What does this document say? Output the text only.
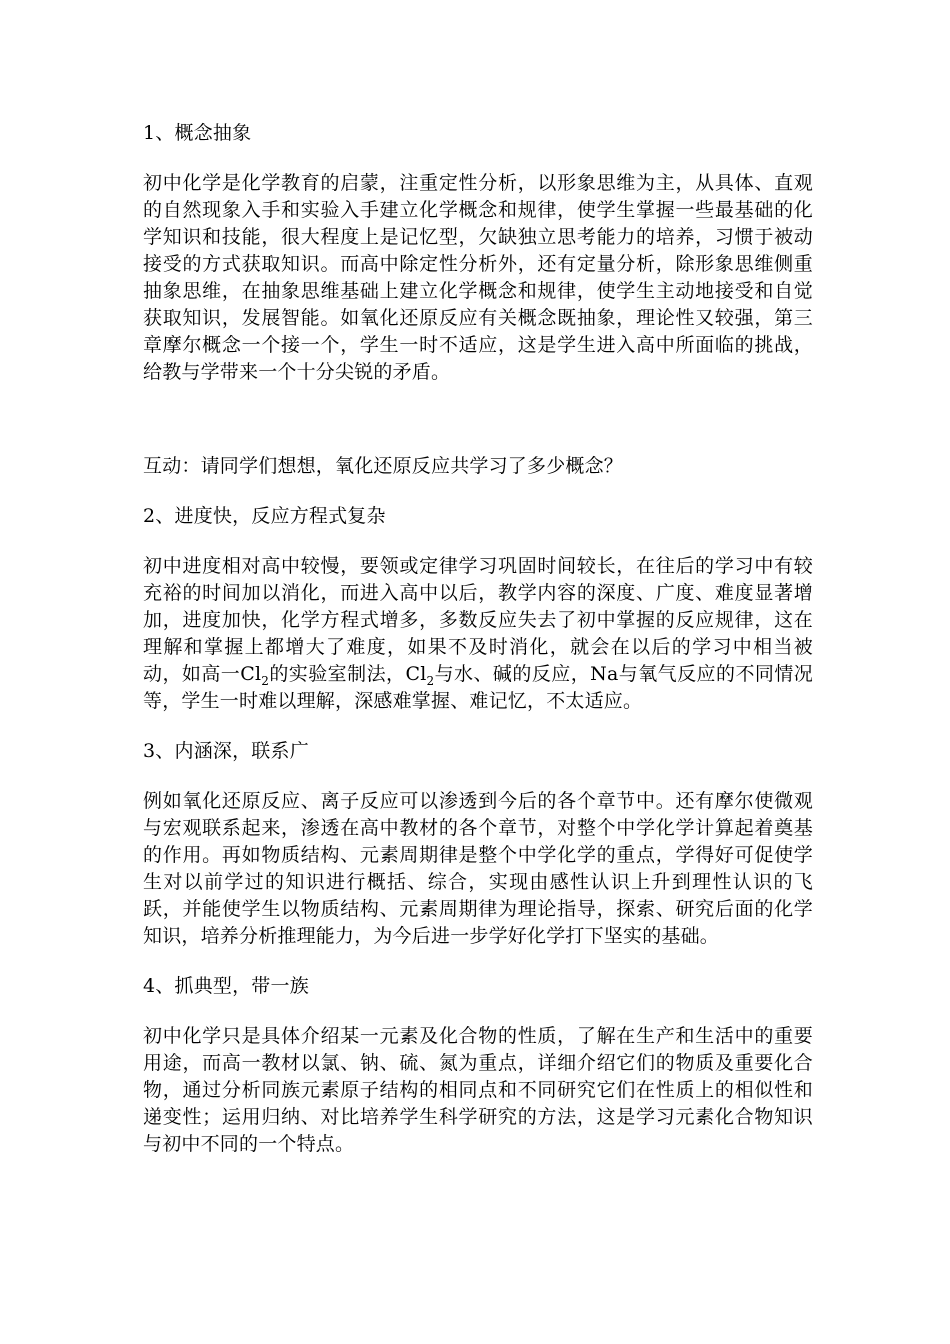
1、概念抽象

初中化学是化学教育的启蒙，注重定性分析，以形象思维为主，从具体、直观的自然现象入手和实验入手建立化学概念和规律，使学生掌握一些最基础的化学知识和技能，很大程度上是记忆型，欠缺独立思考能力的培养，习惯于被动接受的方式获取知识。而高中除定性分析外，还有定量分析，除形象思维侧重抽象思维，在抽象思维基础上建立化学概念和规律，使学生主动地接受和自觉获取知识，发展智能。如氧化还原反应有关概念既抽象，理论性又较强，第三章摩尔概念一个接一个，学生一时不适应，这是学生进入高中所面临的挑战，给教与学带来一个十分尖锐的矛盾。

互动：请同学们想想，氧化还原反应共学习了多少概念？

2、进度快，反应方程式复杂

初中进度相对高中较慢，要领或定律学习巩固时间较长，在往后的学习中有较充裕的时间加以消化，而进入高中以后，教学内容的深度、广度、难度显著增加，进度加快，化学方程式增多，多数反应失去了初中掌握的反应规律，这在理解和掌握上都增大了难度，如果不及时消化，就会在以后的学习中相当被动，如高一$Cl_2$的实验室制法，$Cl_2$与水、碱的反应，Na与氧气反应的不同情况等，学生一时难以理解，深感难掌握、难记忆，不太适应。

3、内涵深，联系广

例如氧化还原反应、离子反应可以渗透到今后的各个章节中。还有摩尔使微观与宏观联系起来，渗透在高中教材的各个章节，对整个中学化学计算起着奠基的作用。再如物质结构、元素周期律是整个中学化学的重点，学得好可促使学生对以前学过的知识进行概括、综合，实现由感性认识上升到理性认识的飞跃，并能使学生以物质结构、元素周期律为理论指导，探索、研究后面的化学知识，培养分析推理能力，为今后进一步学好化学打下坚实的基础。

4、抓典型，带一族

初中化学只是具体介绍某一元素及化合物的性质，了解在生产和生活中的重要用途，而高一教材以氯、钠、硫、氮为重点，详细介绍它们的物质及重要化合物，通过分析同族元素原子结构的相同点和不同研究它们在性质上的相似性和递变性；运用归纳、对比培养学生科学研究的方法，这是学习元素化合物知识与初中不同的一个特点。
